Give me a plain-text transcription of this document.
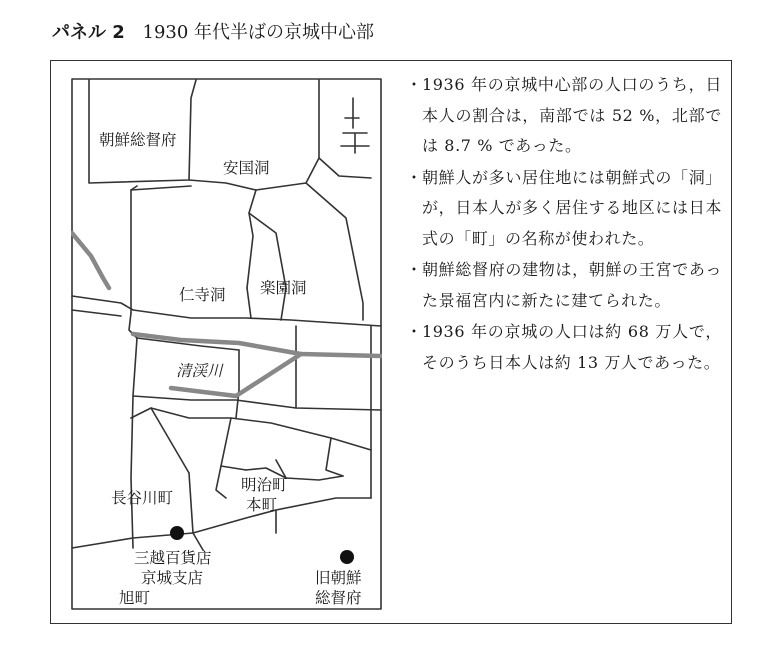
パネル 2 1930 年代半ばの京城中心部
朝鮮総督府
安国洞
仁寺洞 楽園洞
清渓川
明治町
本町
長谷川町
三越百貨店
京城支店	旧朝鮮
総督府
旭町
・ 1936 年の京城中心部の人口のうち，日本人の割合は，南部では 52 %，北部では 8.7 % であった。
・ 朝鮮人が多い居住地には朝鮮式の「洞」が，日本人が多く居住する地区には日本式の「町」の名称が使われた。
・ 朝鮮総督府の建物は，朝鮮の王宮であった景福宮内に新たに建てられた。
・ 1936 年の京城の人口は約 68 万人で，そのうち日本人は約 13 万人であった。
